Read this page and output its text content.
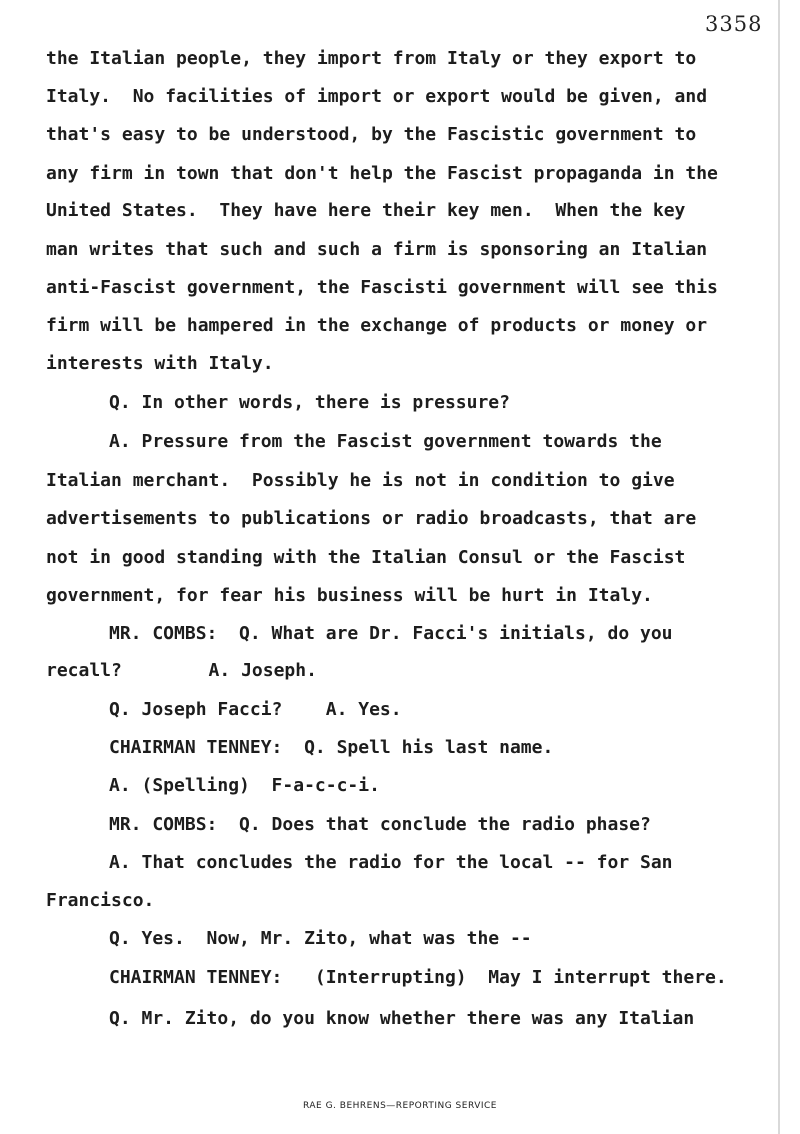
3358
the Italian people, they import from Italy or they export to
Italy.  No facilities of import or export would be given, and
that's easy to be understood, by the Fascistic government to
any firm in town that don't help the Fascist propaganda in the
United States.  They have here their key men.  When the key
man writes that such and such a firm is sponsoring an Italian
anti-Fascist government, the Fascisti government will see this
firm will be hampered in the exchange of products or money or
interests with Italy.
Q. In other words, there is pressure?
A. Pressure from the Fascist government towards the
Italian merchant.  Possibly he is not in condition to give
advertisements to publications or radio broadcasts, that are
not in good standing with the Italian Consul or the Fascist
government, for fear his business will be hurt in Italy.
MR. COMBS:  Q. What are Dr. Facci's initials, do you
recall?        A. Joseph.
Q. Joseph Facci?    A. Yes.
CHAIRMAN TENNEY:  Q. Spell his last name.
A. (Spelling)  F-a-c-c-i.
MR. COMBS:  Q. Does that conclude the radio phase?
A. That concludes the radio for the local -- for San
Francisco.
Q. Yes.  Now, Mr. Zito, what was the --
CHAIRMAN TENNEY:   (Interrupting)  May I interrupt there.
Q. Mr. Zito, do you know whether there was any Italian
RAE G. BEHRENS—REPORTING SERVICE
